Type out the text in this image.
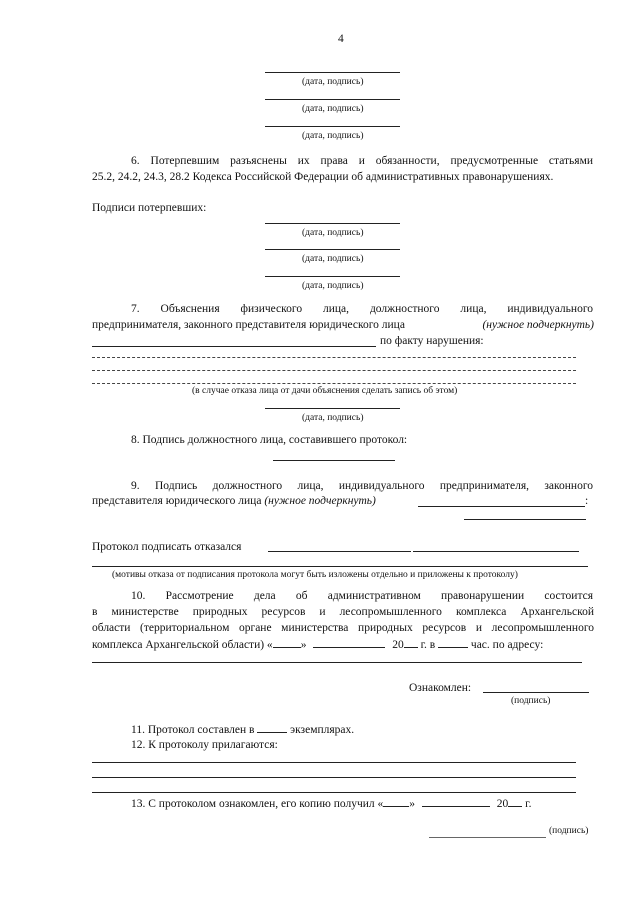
4
(дата, подпись)
(дата, подпись)
(дата, подпись)
6. Потерпевшим разъяснены их права и обязанности, предусмотренные статьями
25.2, 24.2, 24.3, 28.2 Кодекса Российской Федерации об административных правонарушениях.
Подписи потерпевших:
(дата, подпись)
(дата, подпись)
(дата, подпись)
7. Объяснения физического лица, должностного лица, индивидуального
предпринимателя, законного представителя юридического лица	(нужное подчеркнуть)
по факту нарушения:
(в случае отказа лица от дачи объяснения сделать запись об этом)
(дата, подпись)
8. Подпись должностного лица, составившего протокол:
9. Подпись должностного лица, индивидуального предпринимателя, законного
представителя юридического лица (нужное подчеркнуть)	:
Протокол подписать отказался
(мотивы отказа от подписания протокола могут быть изложены отдельно и приложены к протоколу)
10. Рассмотрение дела об административном правонарушении состоится
в министерстве природных ресурсов и лесопромышленного комплекса Архангельской
области (территориальном органе министерства природных ресурсов и лесопромышленного
комплекса Архангельской области) « »	20 г. в	час. по адресу:
Ознакомлен:
(подпись)
11. Протокол составлен в	экземплярах.
12. К протоколу прилагаются:
13. С протоколом ознакомлен, его копию получил « »	20 г.
(подпись)
